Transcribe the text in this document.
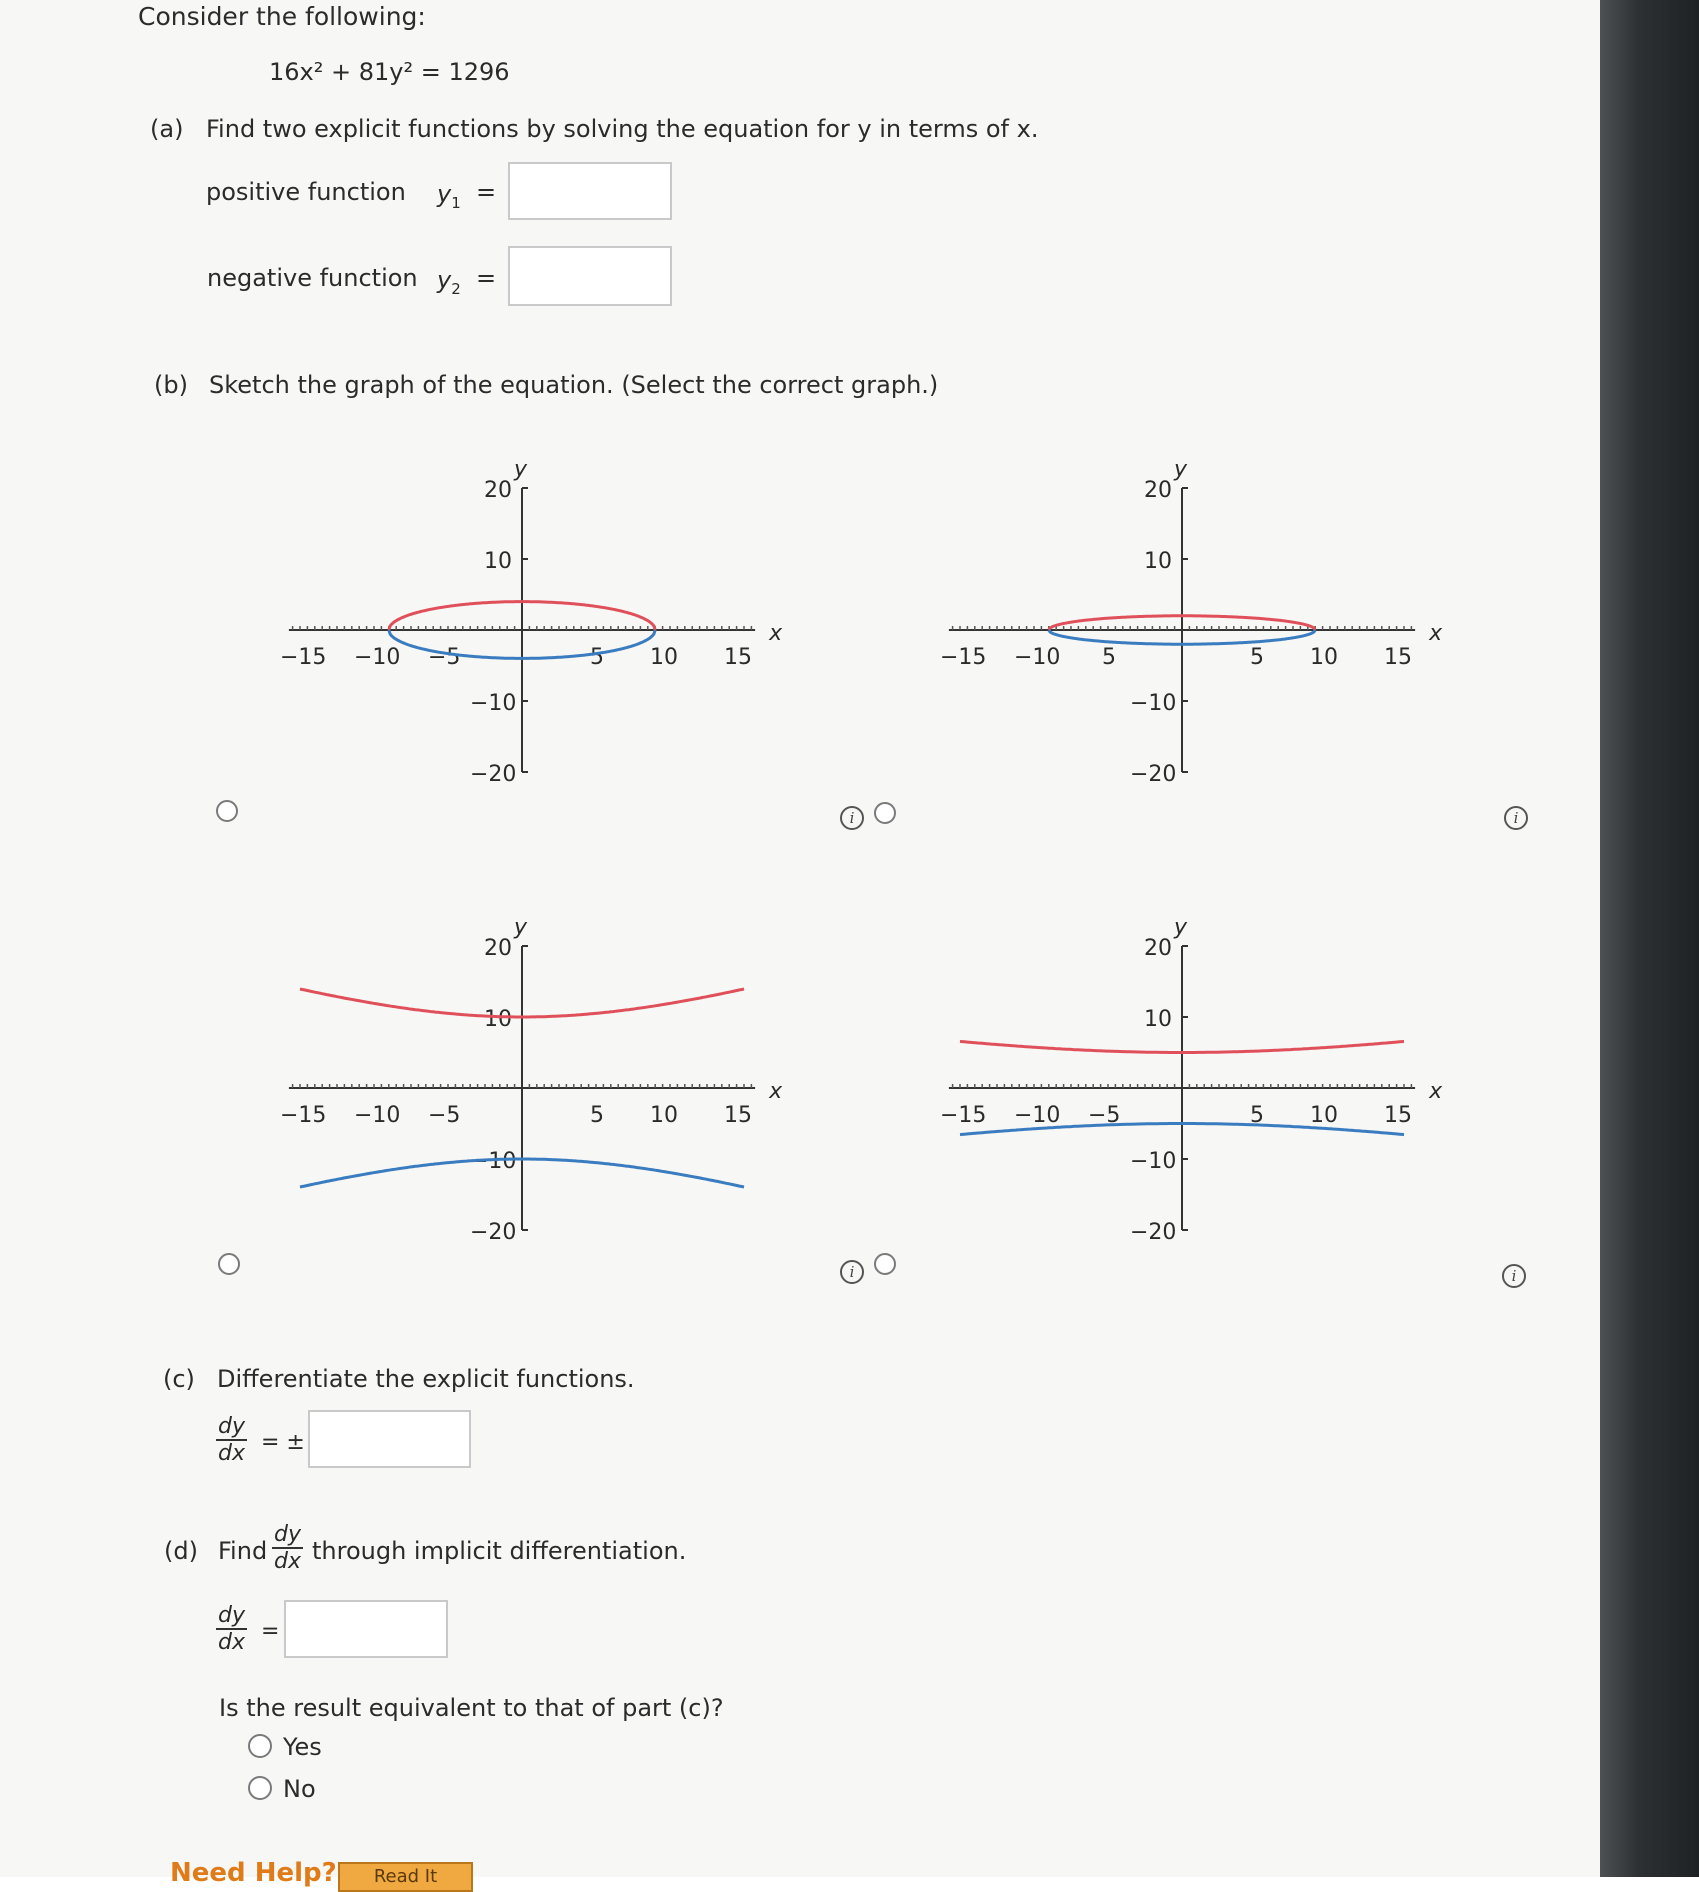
Consider the following:
16x² + 81y² = 1296
(a) Find two explicit functions by solving the equation for y in terms of x.
positive function $y_1$ =
negative function $y_2$ =
(b) Sketch the graph of the equation. (Select the correct graph.)
−15 −10 −5	5 10 15
20
10
−10
−20
x
y
i
−15 −10 5	5 10 15
20
10
−10
−20
x
y
i
−15 −10 −5	5 10 15
20
10
−10
−20
x
y
i
−15 −10 −5	5 10 15
20
10
−10
−20
x
y
i
(c) Differentiate the explicit functions.
$\frac{dy}{dx}$ = ±
(d) Find $\frac{dy}{dx}$ through implicit differentiation.
$\frac{dy}{dx}$ =
Is the result equivalent to that of part (c)?
Yes
No
Need Help?	Read It
